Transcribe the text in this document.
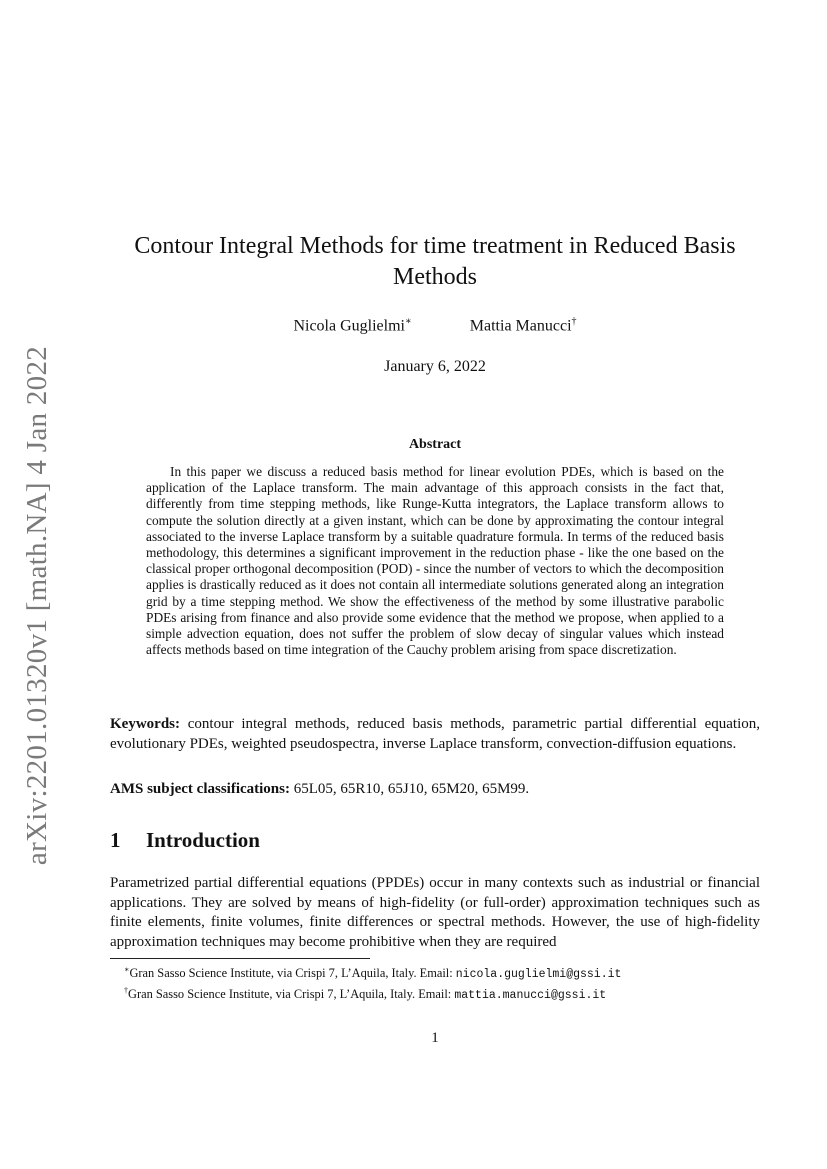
arXiv:2201.01320v1 [math.NA] 4 Jan 2022
Contour Integral Methods for time treatment in Reduced Basis Methods
Nicola Guglielmi∗	Mattia Manucci†
January 6, 2022
Abstract

In this paper we discuss a reduced basis method for linear evolution PDEs, which is based on the application of the Laplace transform. The main advantage of this approach consists in the fact that, differently from time stepping methods, like Runge-Kutta integrators, the Laplace transform allows to compute the solution directly at a given instant, which can be done by approximating the contour integral associated to the inverse Laplace transform by a suitable quadrature formula. In terms of the reduced basis methodology, this determines a significant improvement in the reduction phase - like the one based on the classical proper orthogonal decomposition (POD) - since the number of vectors to which the decomposition applies is drastically reduced as it does not contain all intermediate solutions generated along an integration grid by a time stepping method. We show the effectiveness of the method by some illustrative parabolic PDEs arising from finance and also provide some evidence that the method we propose, when applied to a simple advection equation, does not suffer the problem of slow decay of singular values which instead affects methods based on time integration of the Cauchy problem arising from space discretization.

Keywords: contour integral methods, reduced basis methods, parametric partial differential equation, evolutionary PDEs, weighted pseudospectra, inverse Laplace transform, convection-diffusion equations.

AMS subject classifications: 65L05, 65R10, 65J10, 65M20, 65M99.

1 Introduction

Parametrized partial differential equations (PPDEs) occur in many contexts such as industrial or financial applications. They are solved by means of high-fidelity (or full-order) approximation techniques such as finite elements, finite volumes, finite differences or spectral methods. However, the use of high-fidelity approximation techniques may become prohibitive when they are required

∗Gran Sasso Science Institute, via Crispi 7, L’Aquila, Italy. Email: nicola.guglielmi@gssi.it
†Gran Sasso Science Institute, via Crispi 7, L’Aquila, Italy. Email: mattia.manucci@gssi.it
1
